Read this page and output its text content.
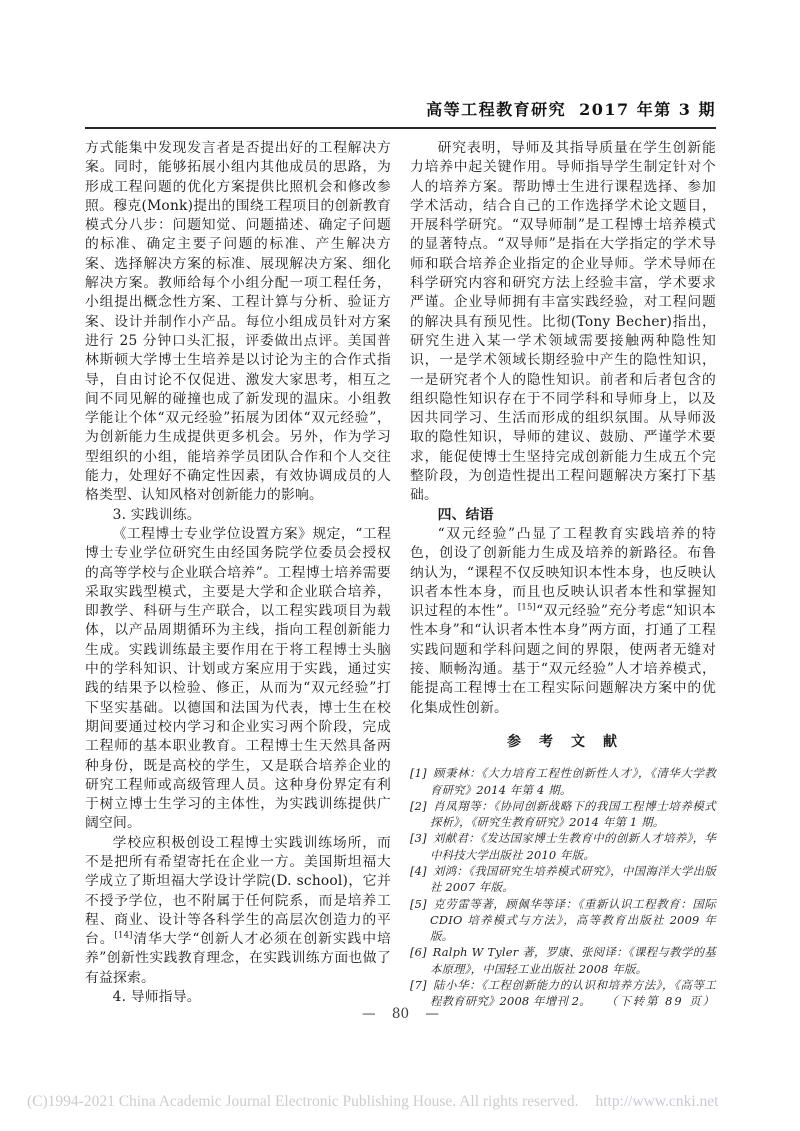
高等工程教育研究 2017 年第 3 期

方式能集中发现发言者是否提出好的工程解决方案。同时，能够拓展小组内其他成员的思路，为形成工程问题的优化方案提供比照机会和修改参照。穆克(Monk)提出的围绕工程项目的创新教育模式分八步：问题知觉、问题描述、确定子问题的标准、确定主要子问题的标准、产生解决方案、选择解决方案的标准、展现解决方案、细化解决方案。教师给每个小组分配一项工程任务，小组提出概念性方案、工程计算与分析、验证方案、设计并制作小产品。每位小组成员针对方案进行 25 分钟口头汇报，评委做出点评。美国普林斯顿大学博士生培养是以讨论为主的合作式指导，自由讨论不仅促进、激发大家思考，相互之间不同见解的碰撞也成了新发现的温床。小组教学能让个体“双元经验”拓展为团体“双元经验”，为创新能力生成提供更多机会。另外，作为学习型组织的小组，能培养学员团队合作和个人交往能力，处理好不确定性因素，有效协调成员的人格类型、认知风格对创新能力的影响。

3. 实践训练。

《工程博士专业学位设置方案》规定，“工程博士专业学位研究生由经国务院学位委员会授权的高等学校与企业联合培养”。工程博士培养需要采取实践型模式，主要是大学和企业联合培养，即教学、科研与生产联合，以工程实践项目为载体，以产品周期循环为主线，指向工程创新能力生成。实践训练最主要作用在于将工程博士头脑中的学科知识、计划或方案应用于实践，通过实践的结果予以检验、修正，从而为“双元经验”打下坚实基础。以德国和法国为代表，博士生在校期间要通过校内学习和企业实习两个阶段，完成工程师的基本职业教育。工程博士生天然具备两种身份，既是高校的学生，又是联合培养企业的研究工程师或高级管理人员。这种身份界定有利于树立博士生学习的主体性，为实践训练提供广阔空间。

学校应积极创设工程博士实践训练场所，而不是把所有希望寄托在企业一方。美国斯坦福大学成立了斯坦福大学设计学院(D. school)，它并不授予学位，也不附属于任何院系，而是培养工程、商业、设计等各科学生的高层次创造力的平台。[14]清华大学“创新人才必须在创新实践中培养”创新性实践教育理念，在实践训练方面也做了有益探索。

4. 导师指导。

研究表明，导师及其指导质量在学生创新能力培养中起关键作用。导师指导学生制定针对个人的培养方案。帮助博士生进行课程选择、参加学术活动，结合自己的工作选择学术论文题目，开展科学研究。“双导师制”是工程博士培养模式的显著特点。“双导师”是指在大学指定的学术导师和联合培养企业指定的企业导师。学术导师在科学研究内容和研究方法上经验丰富，学术要求严谨。企业导师拥有丰富实践经验，对工程问题的解决具有预见性。比彻(Tony Becher)指出，研究生进入某一学术领域需要接触两种隐性知识，一是学术领域长期经验中产生的隐性知识，一是研究者个人的隐性知识。前者和后者包含的组织隐性知识存在于不同学科和导师身上，以及因共同学习、生活而形成的组织氛围。从导师汲取的隐性知识，导师的建议、鼓励、严谨学术要求，能促使博士生坚持完成创新能力生成五个完整阶段，为创造性提出工程问题解决方案打下基础。

四、结语

“双元经验”凸显了工程教育实践培养的特色，创设了创新能力生成及培养的新路径。布鲁纳认为，“课程不仅反映知识本性本身，也反映认识者本性本身，而且也反映认识者本性和掌握知识过程的本性”。[15]“双元经验”充分考虑“知识本性本身”和“认识者本性本身”两方面，打通了工程实践问题和学科问题之间的界限，使两者无缝对接、顺畅沟通。基于“双元经验”人才培养模式，能提高工程博士在工程实际问题解决方案中的优化集成性创新。

参　考　文　献
[1] 顾秉林：《大力培育工程性创新性人才》，《清华大学教育研究》2014 年第 4 期。
[2] 肖凤翔等：《协同创新战略下的我国工程博士培养模式探析》，《研究生教育研究》2014 年第 1 期。
[3] 刘献君：《发达国家博士生教育中的创新人才培养》，华中科技大学出版社 2010 年版。
[4] 刘鸿：《我国研究生培养模式研究》，中国海洋大学出版社 2007 年版。
[5] 克劳雷等著，顾佩华等译：《重新认识工程教育：国际 CDIO 培养模式与方法》，高等教育出版社 2009 年版。
[6] Ralph W Tyler 著，罗康、张阅译：《课程与教学的基本原理》，中国轻工业出版社 2008 年版。
[7] 陆小华：《工程创新能力的认识和培养方法》，《高等工程教育研究》2008 年增刊 2。 （下转第 89 页）
— 80 —
(C)1994-2021 China Academic Journal Electronic Publishing House. All rights reserved. http://www.cnki.net
